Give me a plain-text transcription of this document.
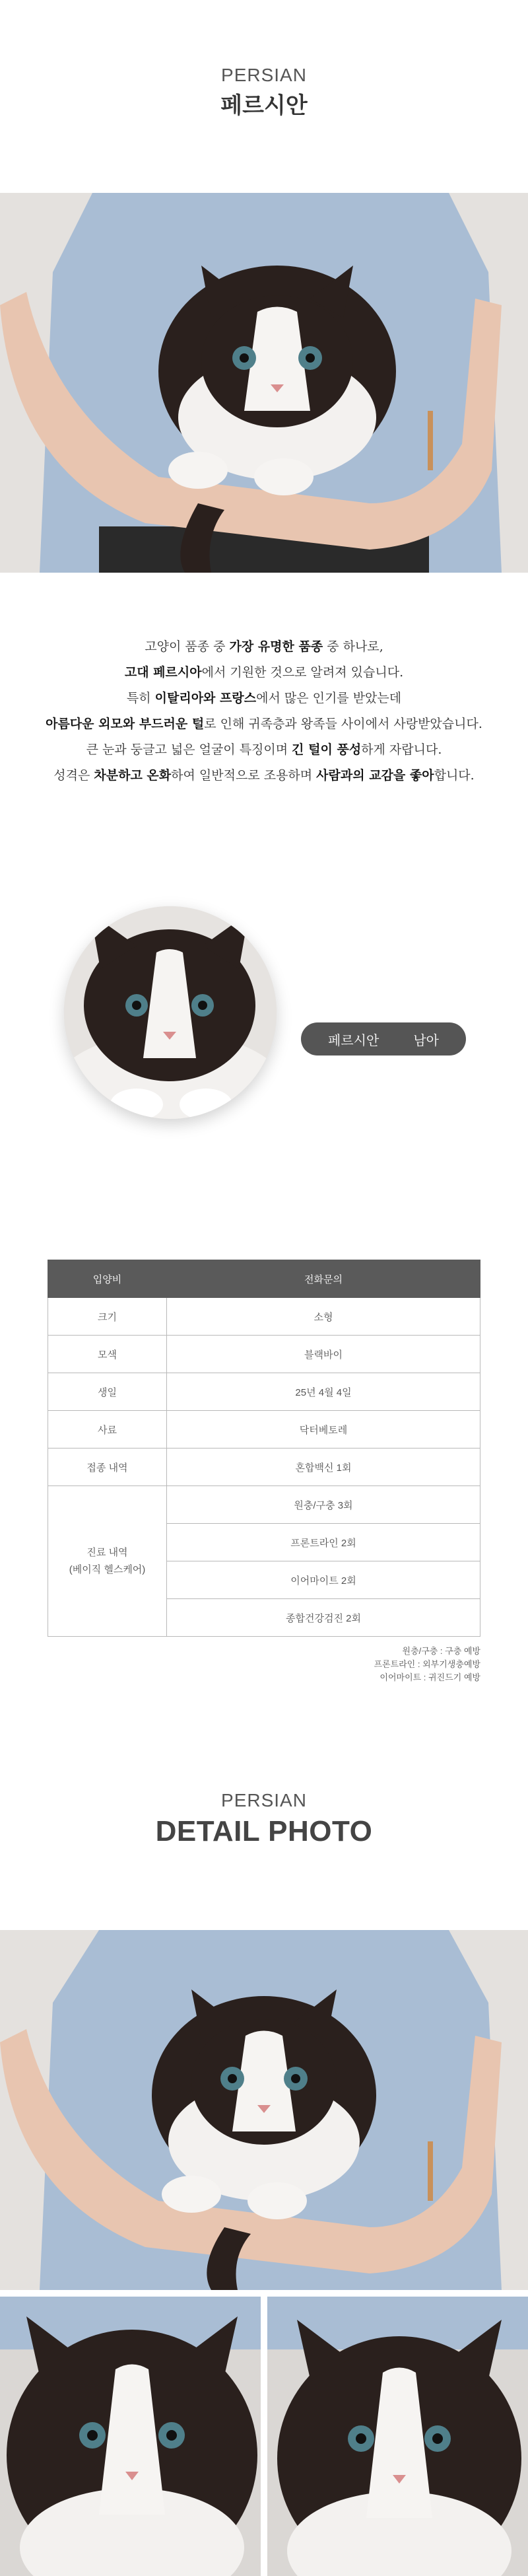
PERSIAN
페르시안
고양이 품종 중 가장 유명한 품종 중 하나로,
고대 페르시아에서 기원한 것으로 알려져 있습니다.
특히 이탈리아와 프랑스에서 많은 인기를 받았는데
아름다운 외모와 부드러운 털로 인해 귀족층과 왕족들 사이에서 사랑받았습니다.
큰 눈과 둥글고 넓은 얼굴이 특징이며 긴 털이 풍성하게 자랍니다.
성격은 차분하고 온화하여 일반적으로 조용하며 사람과의 교감을 좋아합니다.
페르시안	남아
입양비	전화문의
크기	소형
모색	블랙바이
생일	25년 4월 4일
사료	닥터베토레
접종 내역	혼합백신 1회

진료 내역
(베이직 헬스케어)	원충/구충 3회
	프론트라인 2회
	이어마이트 2회
	종합건강검진 2회
원충/구충 : 구충 예방
프론트라인 : 외부기생충예방
이어마이트 : 귀진드기 예방
PERSIAN
DETAIL PHOTO
